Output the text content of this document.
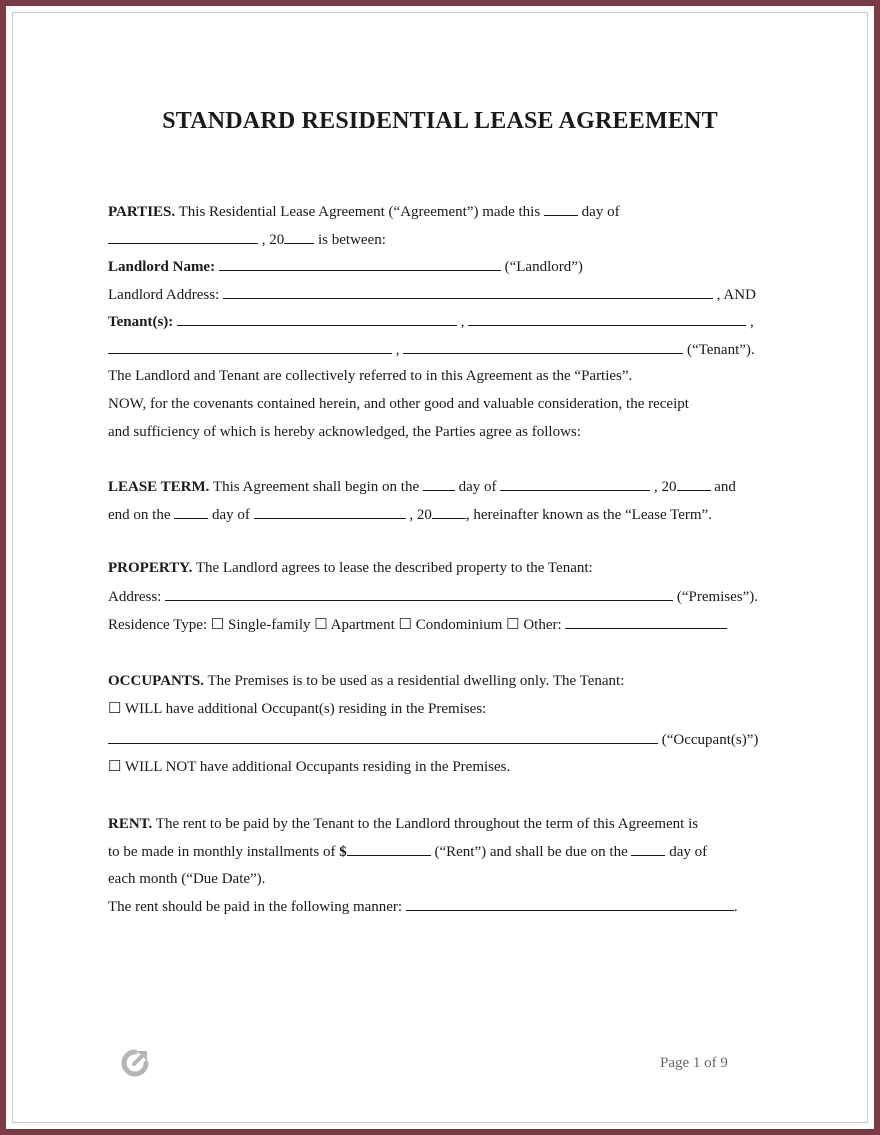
STANDARD RESIDENTIAL LEASE AGREEMENT
PARTIES. This Residential Lease Agreement (“Agreement”) made this  day of
, 20 is between:
Landlord Name:	(“Landlord”)
Landlord Address:	, AND
Tenant(s):	,	,
,	(“Tenant”).
The Landlord and Tenant are collectively referred to in this Agreement as the “Parties”.
NOW, for the covenants contained herein, and other good and valuable consideration, the receipt
and sufficiency of which is hereby acknowledged, the Parties agree as follows:
LEASE TERM. This Agreement shall begin on the  day of	, 20 and
end on the  day of	, 20 , hereinafter known as the “Lease Term”.
PROPERTY. The Landlord agrees to lease the described property to the Tenant:
Address:	(“Premises”).
Residence Type: ☐ Single-family ☐ Apartment ☐ Condominium ☐ Other:
OCCUPANTS. The Premises is to be used as a residential dwelling only. The Tenant:
☐ WILL have additional Occupant(s) residing in the Premises:
(“Occupant(s)”)
☐ WILL NOT have additional Occupants residing in the Premises.
RENT. The rent to be paid by the Tenant to the Landlord throughout the term of this Agreement is
to be made in monthly installments of $	(“Rent”) and shall be due on the  day of
each month (“Due Date”).
The rent should be paid in the following manner:	.
Page 1 of 9
